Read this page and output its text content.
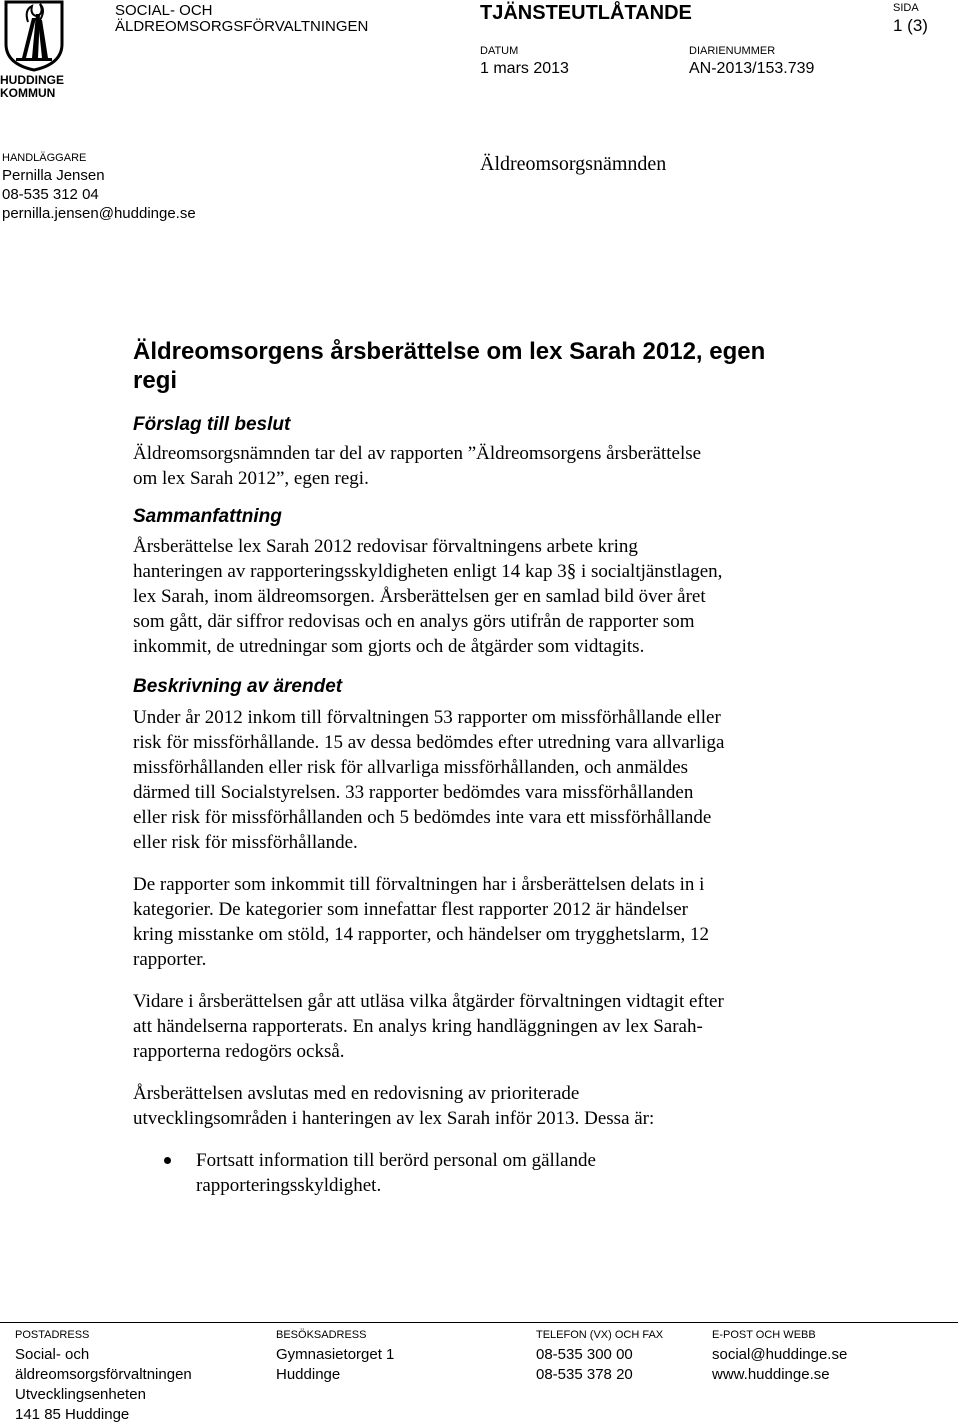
HUDDINGE
KOMMUN
SOCIAL- OCH
ÄLDREOMSORGSFÖRVALTNINGEN
TJÄNSTEUTLÅTANDE	SIDA
1 (3)
DATUM
1 mars 2013
DIARIENUMMER
AN-2013/153.739
HANDLÄGGARE
Pernilla Jensen
08-535 312 04
pernilla.jensen@huddinge.se
Äldreomsorgsnämnden
Äldreomsorgens årsberättelse om lex Sarah 2012, egen
regi
Förslag till beslut

Äldreomsorgsnämnden tar del av rapporten ”Äldreomsorgens årsberättelse
om lex Sarah 2012”, egen regi.

Sammanfattning

Årsberättelse lex Sarah 2012 redovisar förvaltningens arbete kring
hanteringen av rapporteringsskyldigheten enligt 14 kap 3§ i socialtjänstlagen,
lex Sarah, inom äldreomsorgen. Årsberättelsen ger en samlad bild över året
som gått, där siffror redovisas och en analys görs utifrån de rapporter som
inkommit, de utredningar som gjorts och de åtgärder som vidtagits.

Beskrivning av ärendet

Under år 2012 inkom till förvaltningen 53 rapporter om missförhållande eller
risk för missförhållande. 15 av dessa bedömdes efter utredning vara allvarliga
missförhållanden eller risk för allvarliga missförhållanden, och anmäldes
därmed till Socialstyrelsen. 33 rapporter bedömdes vara missförhållanden
eller risk för missförhållanden och 5 bedömdes inte vara ett missförhållande
eller risk för missförhållande.

De rapporter som inkommit till förvaltningen har i årsberättelsen delats in i
kategorier. De kategorier som innefattar flest rapporter 2012 är händelser
kring misstanke om stöld, 14 rapporter, och händelser om trygghetslarm, 12
rapporter.

Vidare i årsberättelsen går att utläsa vilka åtgärder förvaltningen vidtagit efter
att händelserna rapporterats. En analys kring handläggningen av lex Sarah-
rapporterna redogörs också.

Årsberättelsen avslutas med en redovisning av prioriterade
utvecklingsområden i hanteringen av lex Sarah inför 2013. Dessa är:

Fortsatt information till berörd personal om gällande
rapporteringsskyldighet.
POSTADRESS
Social- och
äldreomsorgsförvaltningen
Utvecklingsenheten
141 85 Huddinge
BESÖKSADRESS
Gymnasietorget 1
Huddinge
TELEFON (VX) OCH FAX
08-535 300 00
08-535 378 20
E-POST OCH WEBB
social@huddinge.se
www.huddinge.se
